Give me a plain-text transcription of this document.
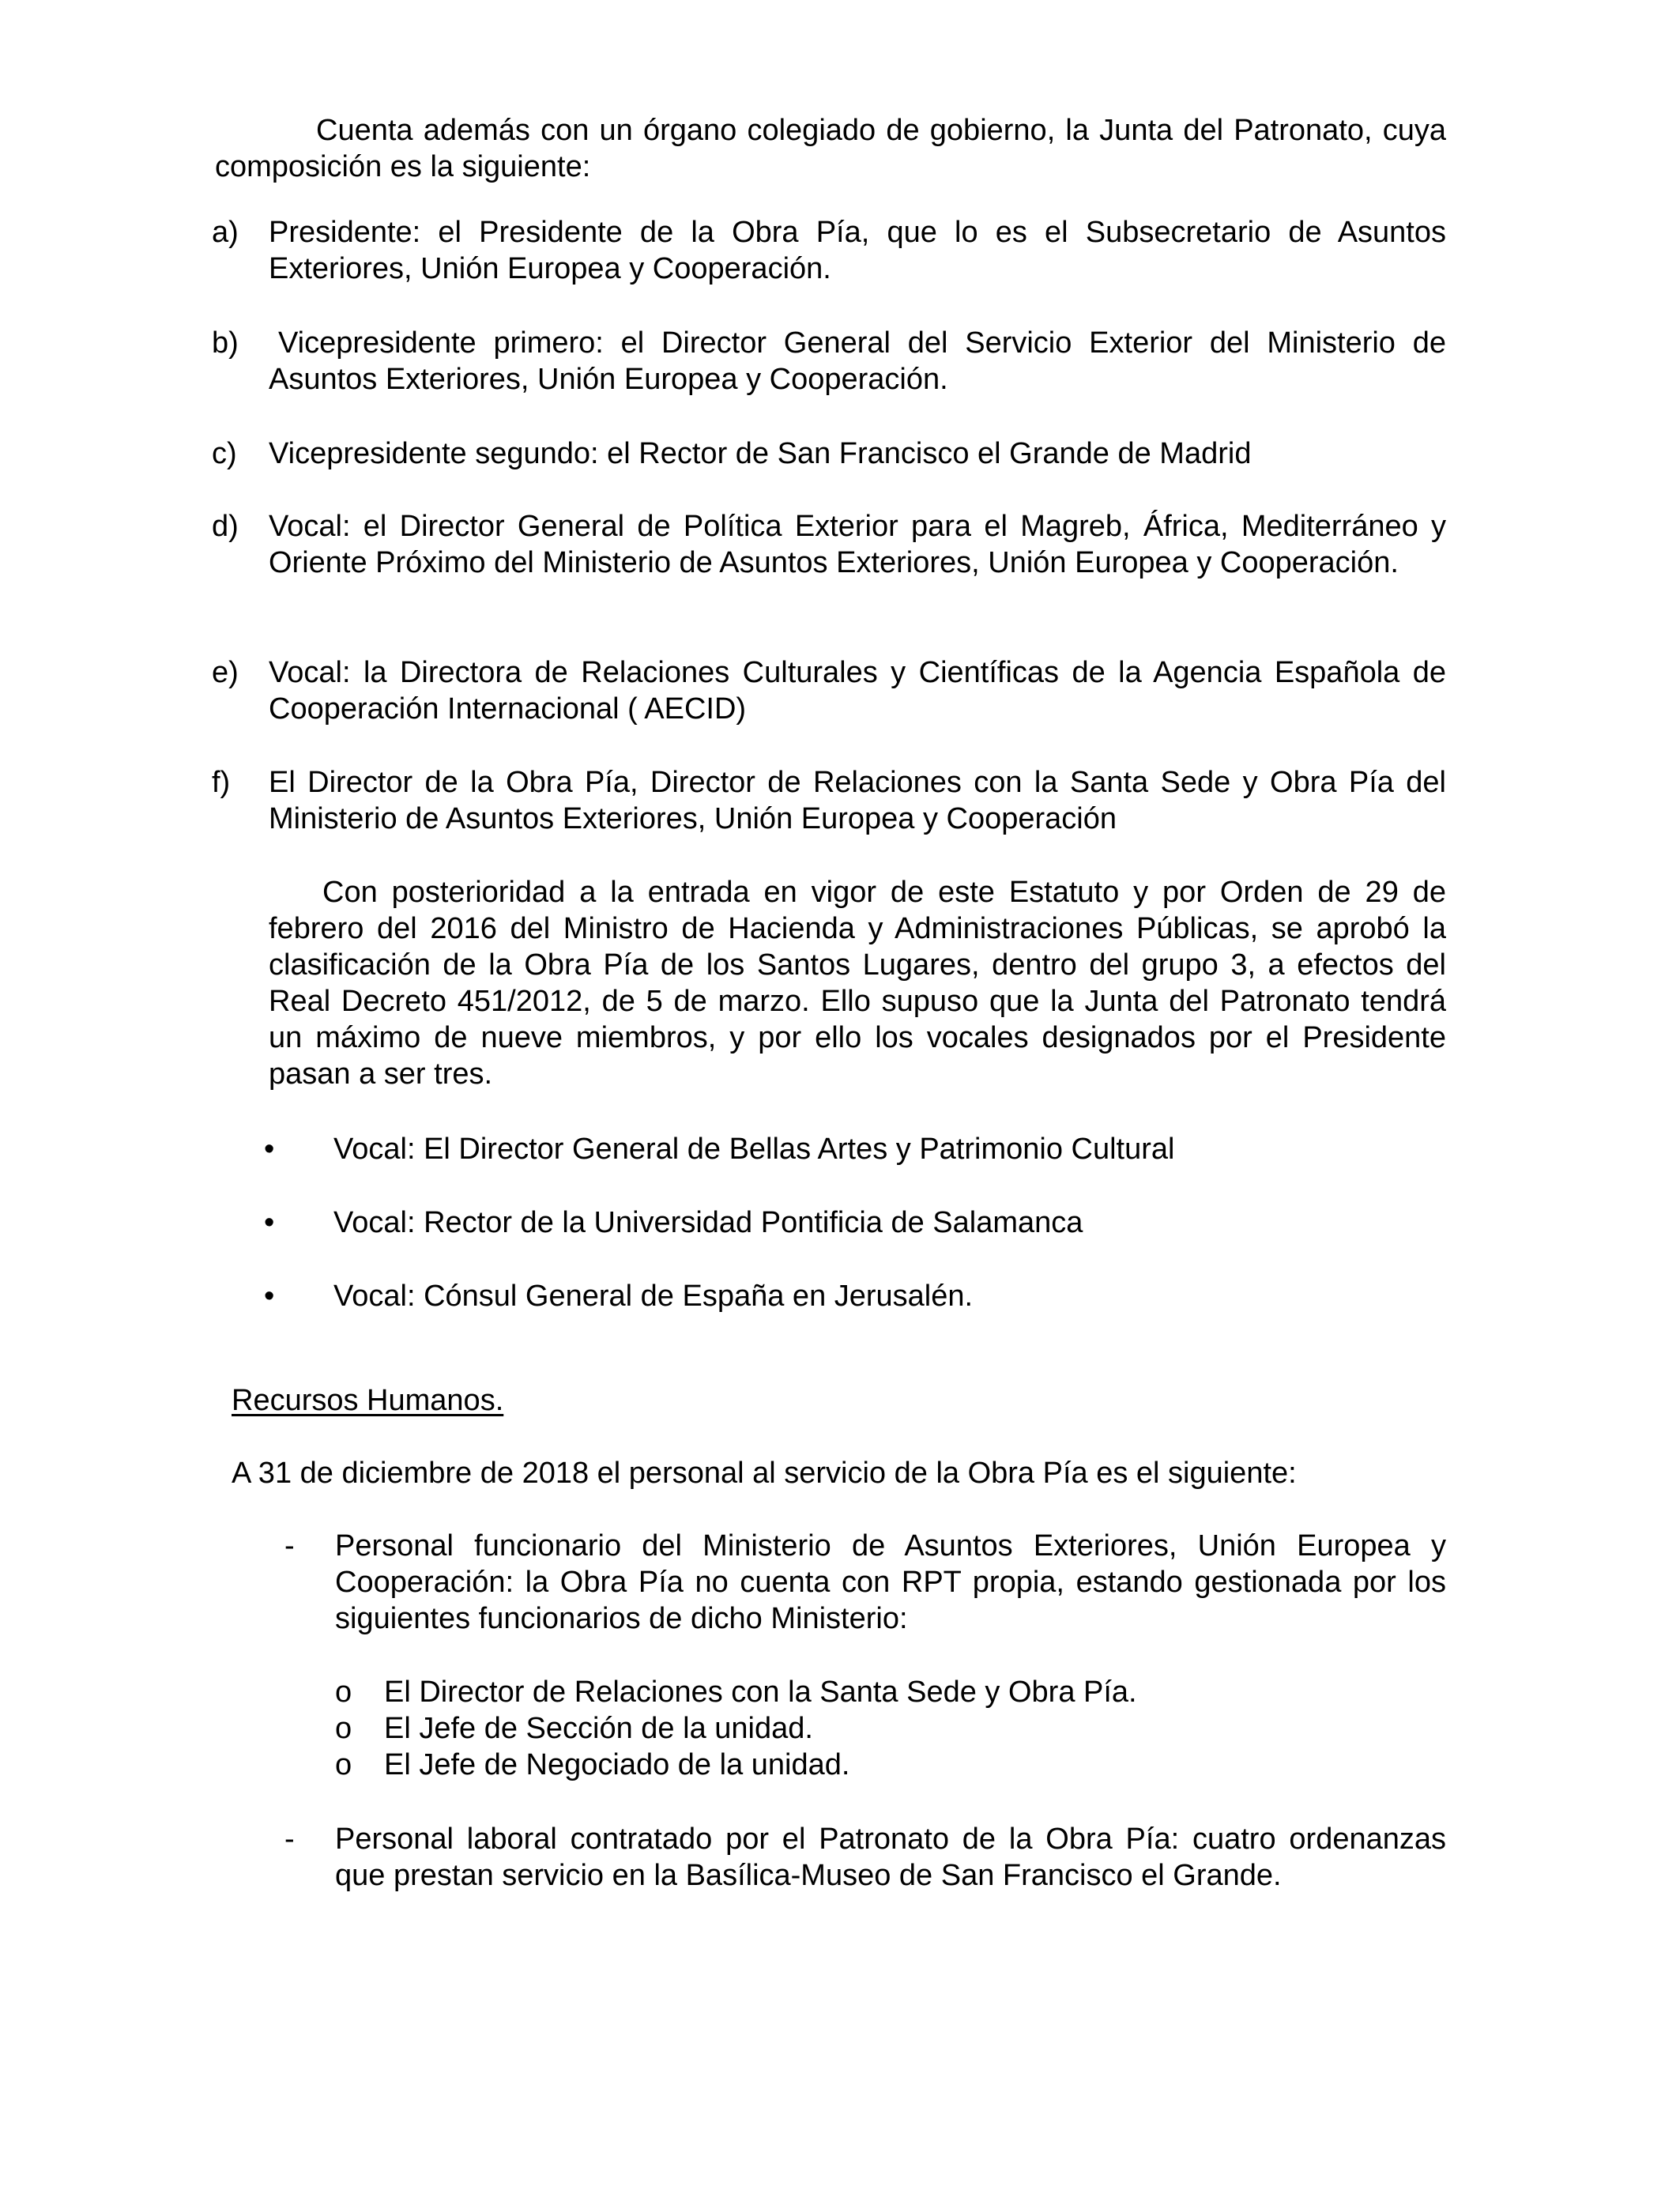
Cuenta además con un órgano colegiado de gobierno, la Junta del Patronato, cuya composición es la siguiente:

a)	Presidente: el Presidente de la Obra Pía, que lo es el Subsecretario de Asuntos Exteriores, Unión Europea y Cooperación.

b)	Vicepresidente primero: el Director General del Servicio Exterior del Ministerio de Asuntos Exteriores, Unión Europea y Cooperación.

c)	Vicepresidente segundo: el Rector de San Francisco el Grande de Madrid

d)	Vocal: el Director General de Política Exterior para el Magreb, África, Mediterráneo y Oriente Próximo del Ministerio de Asuntos Exteriores, Unión Europea y Cooperación.

e)	Vocal: la Directora de Relaciones Culturales y Científicas de la Agencia Española de Cooperación Internacional ( AECID)

f)	El Director de la Obra Pía, Director de Relaciones con la Santa Sede y Obra Pía del Ministerio de Asuntos Exteriores, Unión Europea y Cooperación

Con posterioridad a la entrada en vigor de este Estatuto y por Orden de 29 de febrero del 2016 del Ministro de Hacienda y Administraciones Públicas, se aprobó la clasificación de la Obra Pía de los Santos Lugares, dentro del grupo 3, a efectos del Real Decreto 451/2012, de 5 de marzo. Ello supuso que la Junta del Patronato tendrá un máximo de nueve miembros, y por ello los vocales designados por el Presidente pasan a ser tres.

• Vocal: El Director General de Bellas Artes y Patrimonio Cultural
• Vocal: Rector de la Universidad Pontificia de Salamanca
• Vocal: Cónsul General de España en Jerusalén.

Recursos Humanos.

A 31 de diciembre de 2018 el personal al servicio de la Obra Pía es el siguiente:

- Personal funcionario del Ministerio de Asuntos Exteriores, Unión Europea y Cooperación: la Obra Pía no cuenta con RPT propia, estando gestionada por los siguientes funcionarios de dicho Ministerio:

o El Director de Relaciones con la Santa Sede y Obra Pía.
o El Jefe de Sección de la unidad.
o El Jefe de Negociado de la unidad.
- Personal laboral contratado por el Patronato de la Obra Pía: cuatro ordenanzas que prestan servicio en la Basílica-Museo de San Francisco el Grande.
